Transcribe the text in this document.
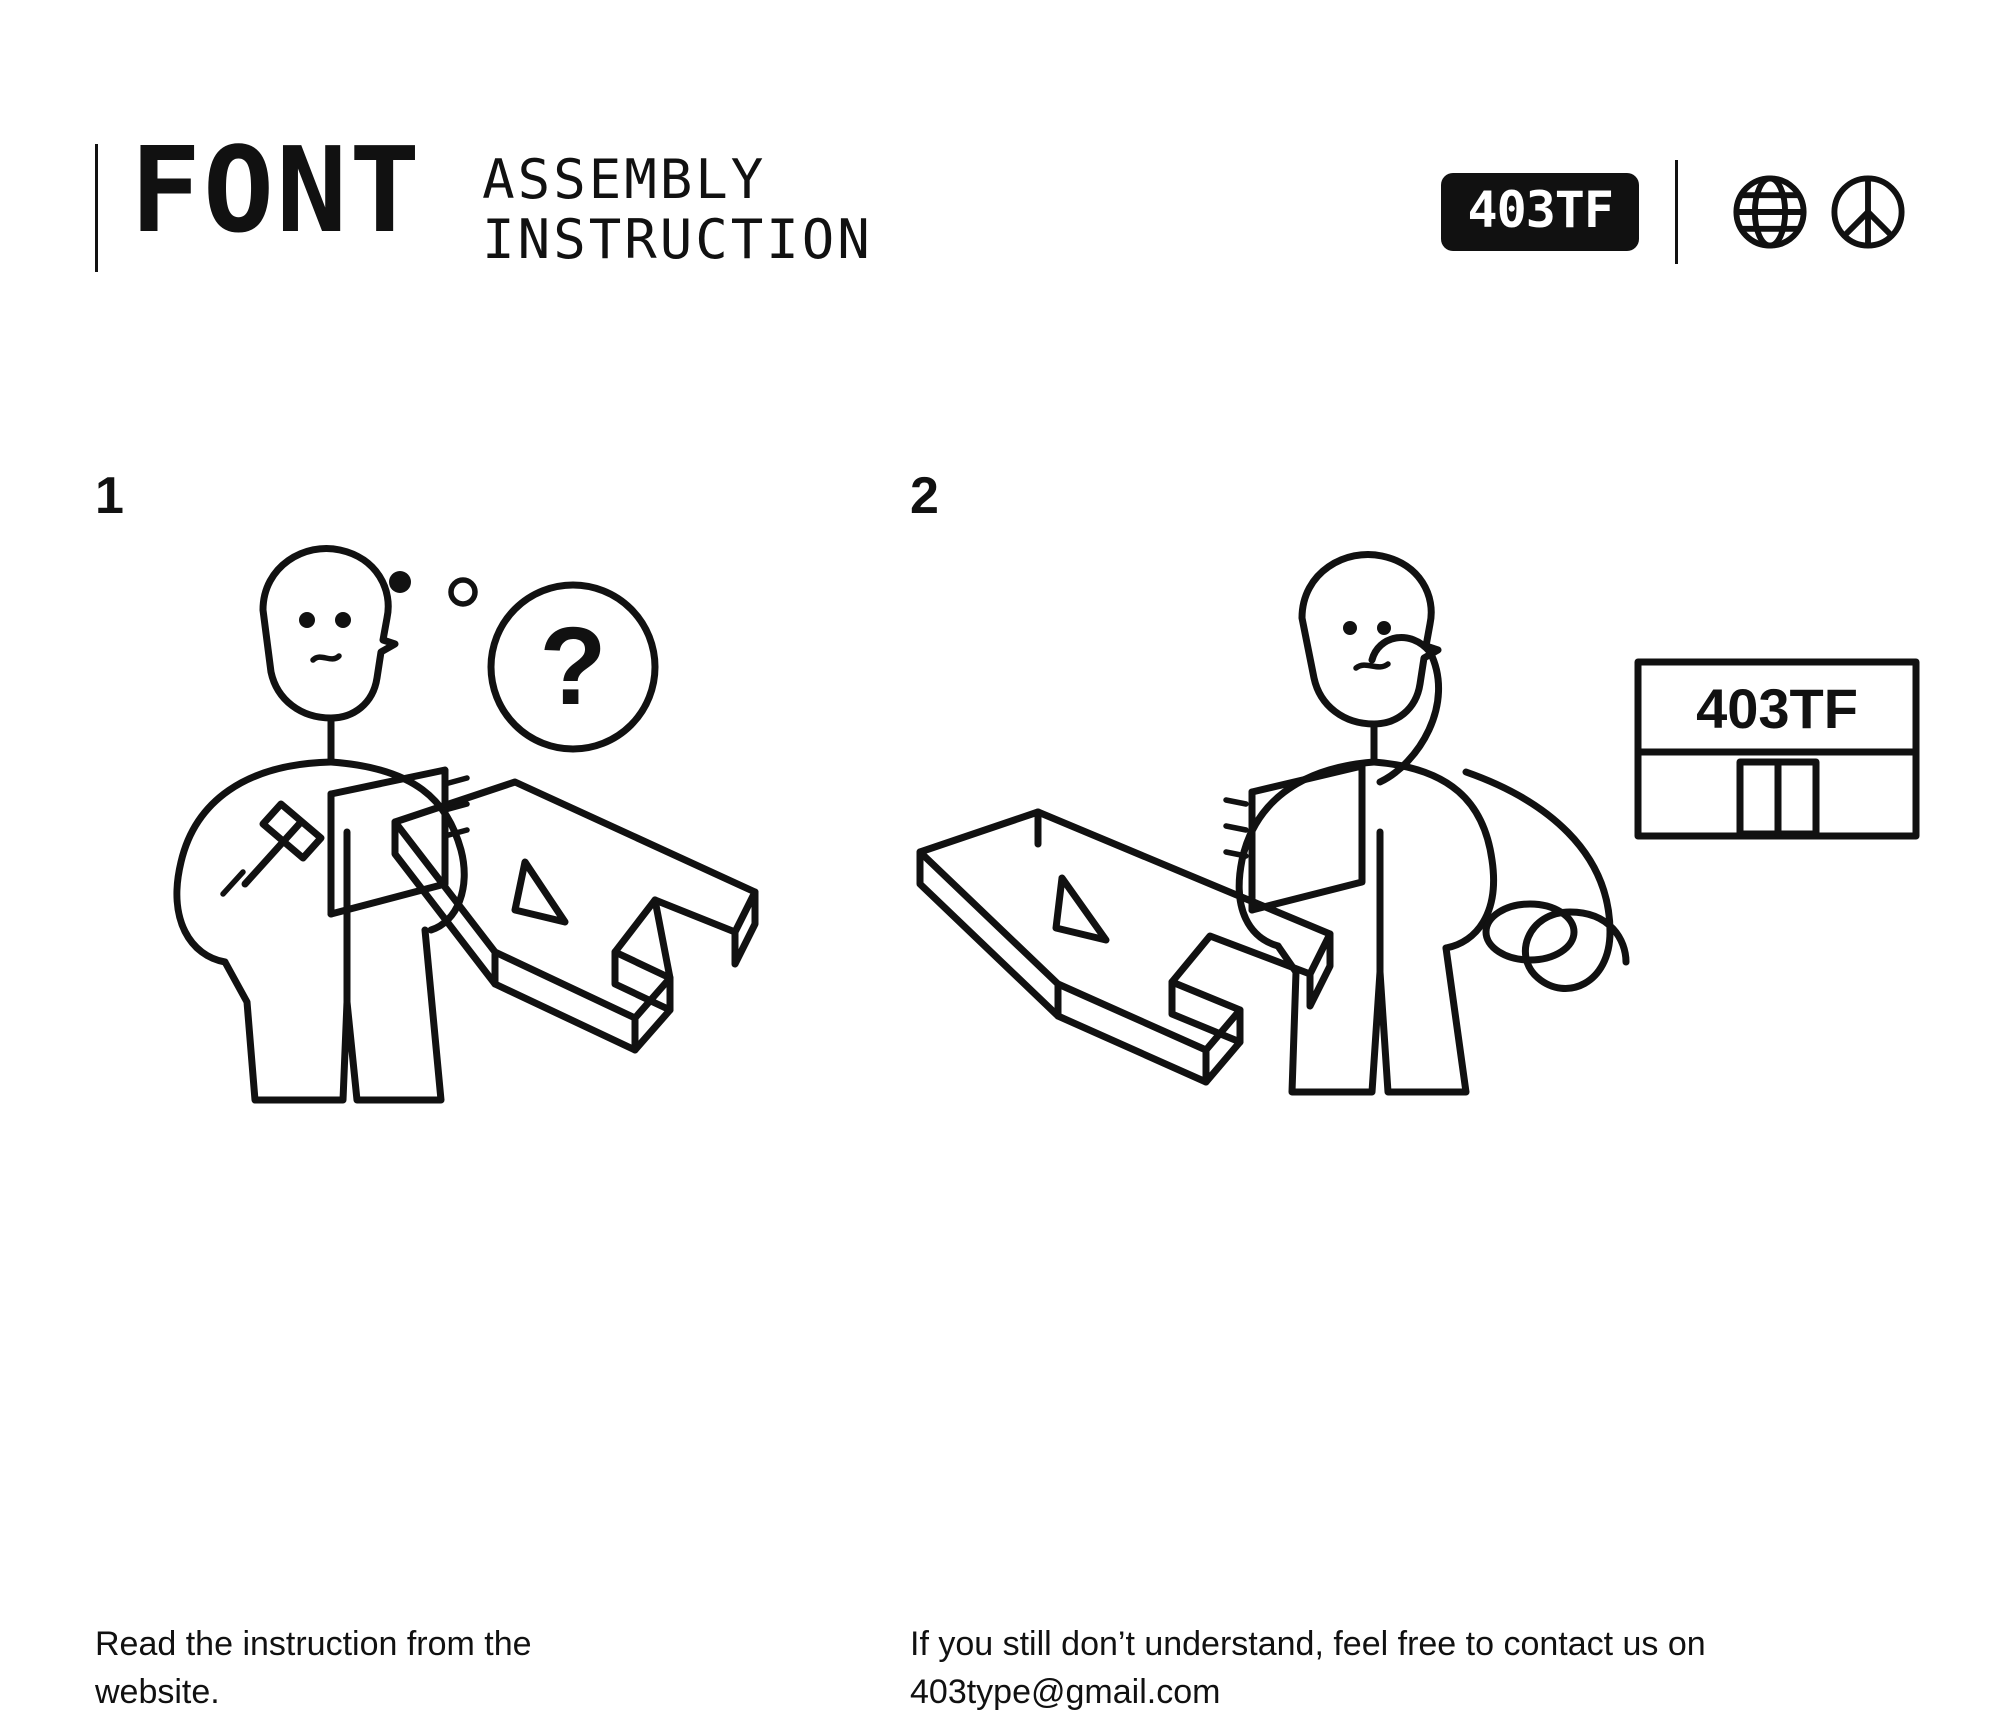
FONT ASSEMBLY
INSTRUCTION	403TF
1
?
Read the instruction from the website.
2
403TF
If you still don’t understand, feel free to contact us on 403type@gmail.com
